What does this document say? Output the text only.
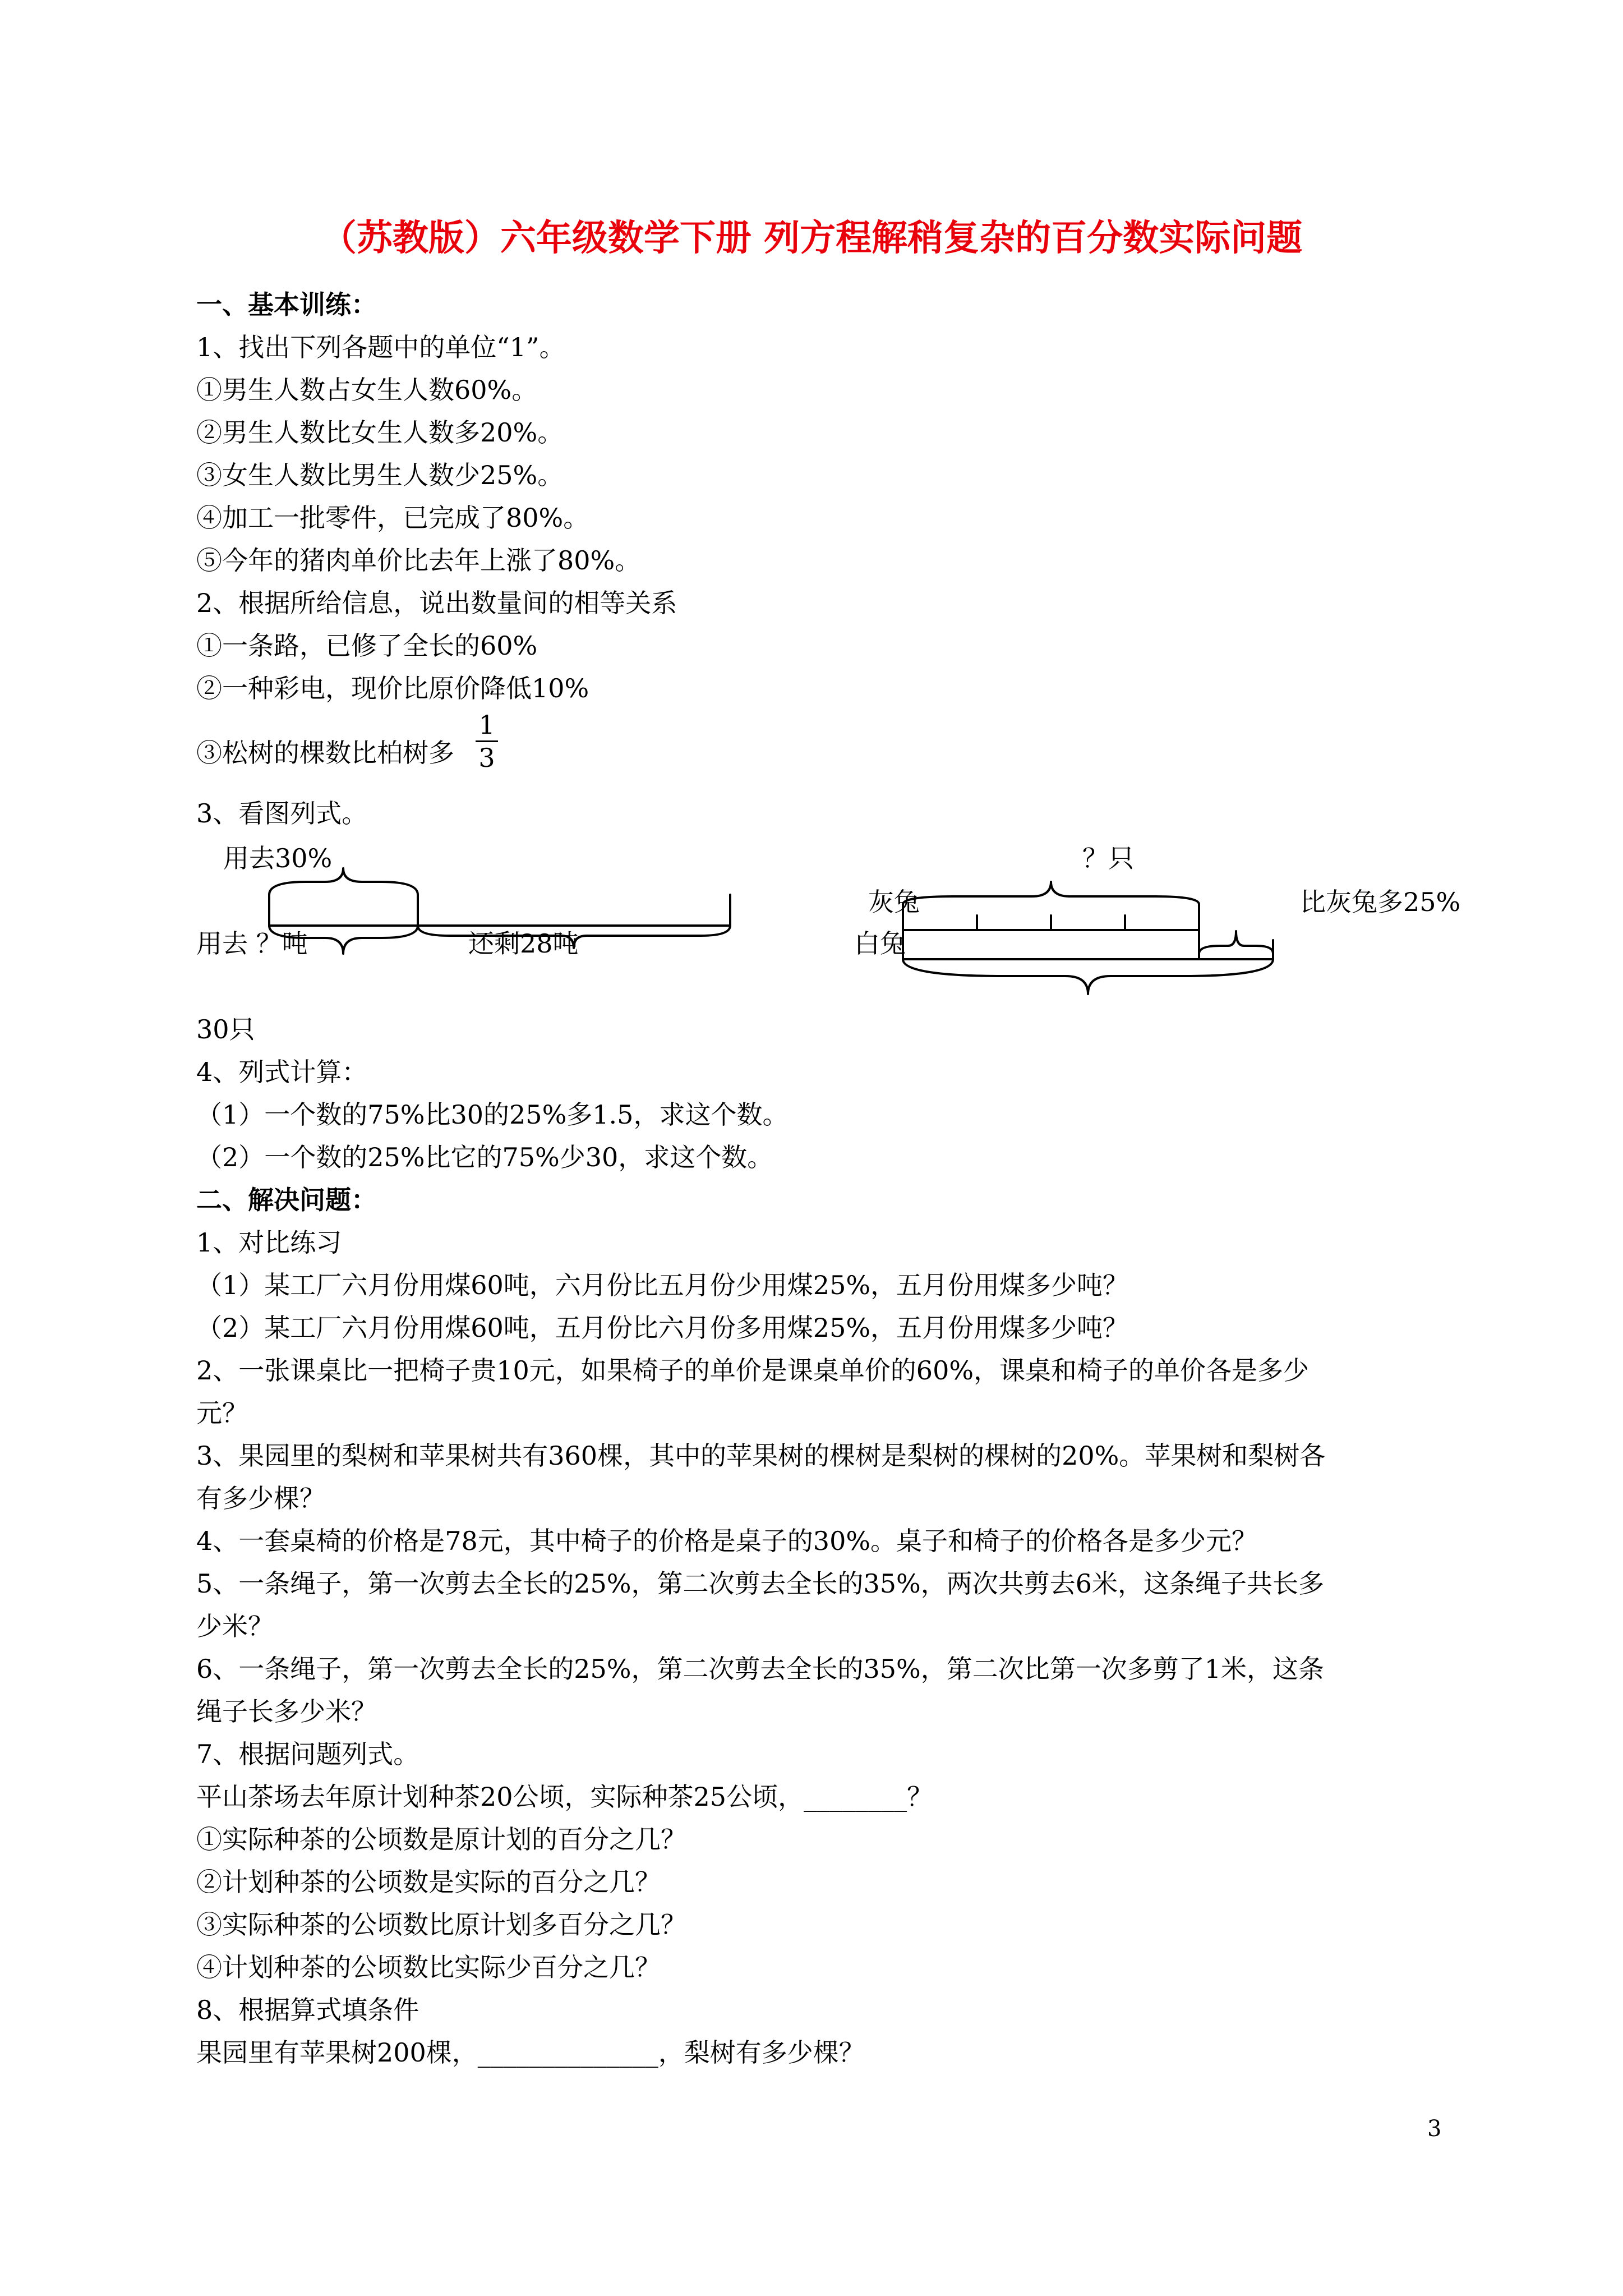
（苏教版）六年级数学下册 列方程解稍复杂的百分数实际问题
一、基本训练：
1、找出下列各题中的单位“1”。
①男生人数占女生人数60%。
②男生人数比女生人数多20%。
③女生人数比男生人数少25%。
④加工一批零件，已完成了80%。
⑤今年的猪肉单价比去年上涨了80%。
2、根据所给信息，说出数量间的相等关系
①一条路，已修了全长的60%
②一种彩电，现价比原价降低10%
③松树的棵数比柏树多
1
3
3、看图列式。
用去30%
用去 ？吨	还剩28吨
？只
灰兔	比灰兔多25%
白兔
30只
4、列式计算：
（1）一个数的75%比30的25%多1.5，求这个数。
（2）一个数的25%比它的75%少30，求这个数。
二、解决问题：
1、对比练习
（1）某工厂六月份用煤60吨，六月份比五月份少用煤25%，五月份用煤多少吨？
（2）某工厂六月份用煤60吨，五月份比六月份多用煤25%，五月份用煤多少吨？
2、一张课桌比一把椅子贵10元，如果椅子的单价是课桌单价的60%，课桌和椅子的单价各是多少
元？
3、果园里的梨树和苹果树共有360棵，其中的苹果树的棵树是梨树的棵树的20%。苹果树和梨树各
有多少棵？
4、一套桌椅的价格是78元，其中椅子的价格是桌子的30%。桌子和椅子的价格各是多少元？
5、一条绳子，第一次剪去全长的25%，第二次剪去全长的35%，两次共剪去6米，这条绳子共长多
少米？
6、一条绳子，第一次剪去全长的25%，第二次剪去全长的35%，第二次比第一次多剪了1米，这条
绳子长多少米？
7、根据问题列式。
平山茶场去年原计划种茶20公顷，实际种茶25公顷，________？
①实际种茶的公顷数是原计划的百分之几？
②计划种茶的公顷数是实际的百分之几？
③实际种茶的公顷数比原计划多百分之几？
④计划种茶的公顷数比实际少百分之几？
8、根据算式填条件
果园里有苹果树200棵，______________，梨树有多少棵？
3
